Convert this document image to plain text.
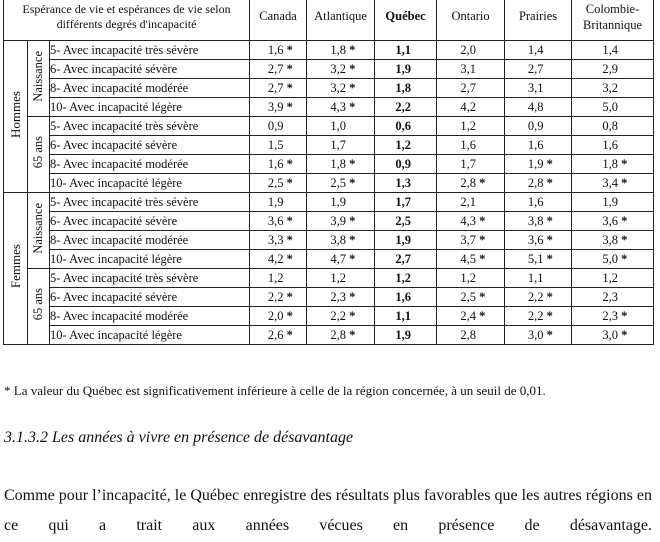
Espérance de vie et espérances de vie selon différents degrés d'incapacité			Canada	Atlantique	Québec	Ontario	Prairies	Colombie-Britannique
Hommes	Naissance	5- Avec incapacité très sévère	1,6 *	1,8 *	1,1	2,0	1,4	1,4
		6- Avec incapacité sévère	2,7 *	3,2 *	1,9	3,1	2,7	2,9
		8- Avec incapacité modérée	2,7 *	3,2 *	1,8	2,7	3,1	3,2
		10- Avec incapacité légère	3,9 *	4,3 *	2,2	4,2	4,8	5,0
	65 ans	5- Avec incapacité très sévère	0,9	1,0	0,6	1,2	0,9	0,8
		6- Avec incapacité sévère	1,5	1,7	1,2	1,6	1,6	1,6
		8- Avec incapacité modérée	1,6 *	1,8 *	0,9	1,7	1,9 *	1,8 *
		10- Avec incapacité légère	2,5 *	2,5 *	1,3	2,8 *	2,8 *	3,4 *
Femmes	Naissance	5- Avec incapacité très sévère	1,9	1,9	1,7	2,1	1,6	1,9
		6- Avec incapacité sévère	3,6 *	3,9 *	2,5	4,3 *	3,8 *	3,6 *
		8- Avec incapacité modérée	3,3 *	3,8 *	1,9	3,7 *	3,6 *	3,8 *
		10- Avec incapacité légère	4,2 *	4,7 *	2,7	4,5 *	5,1 *	5,0 *
	65 ans	5- Avec incapacité très sévère	1,2	1,2	1,2	1,2	1,1	1,2
		6- Avec incapacité sévère	2,2 *	2,3 *	1,6	2,5 *	2,2 *	2,3
		8- Avec incapacité modérée	2,0 *	2,2 *	1,1	2,4 *	2,2 *	2,3 *
		10- Avec incapacité légère	2,6 *	2,8 *	1,9	2,8	3,0 *	3,0 *

* La valeur du Québec est significativement inférieure à celle de la région concernée, à un seuil de 0,01.

3.1.3.2 Les années à vivre en présence de désavantage

Comme pour l’incapacité, le Québec enregistre des résultats plus favorables que les autres régions en ce qui a trait aux années vécues en présence de désavantage.
